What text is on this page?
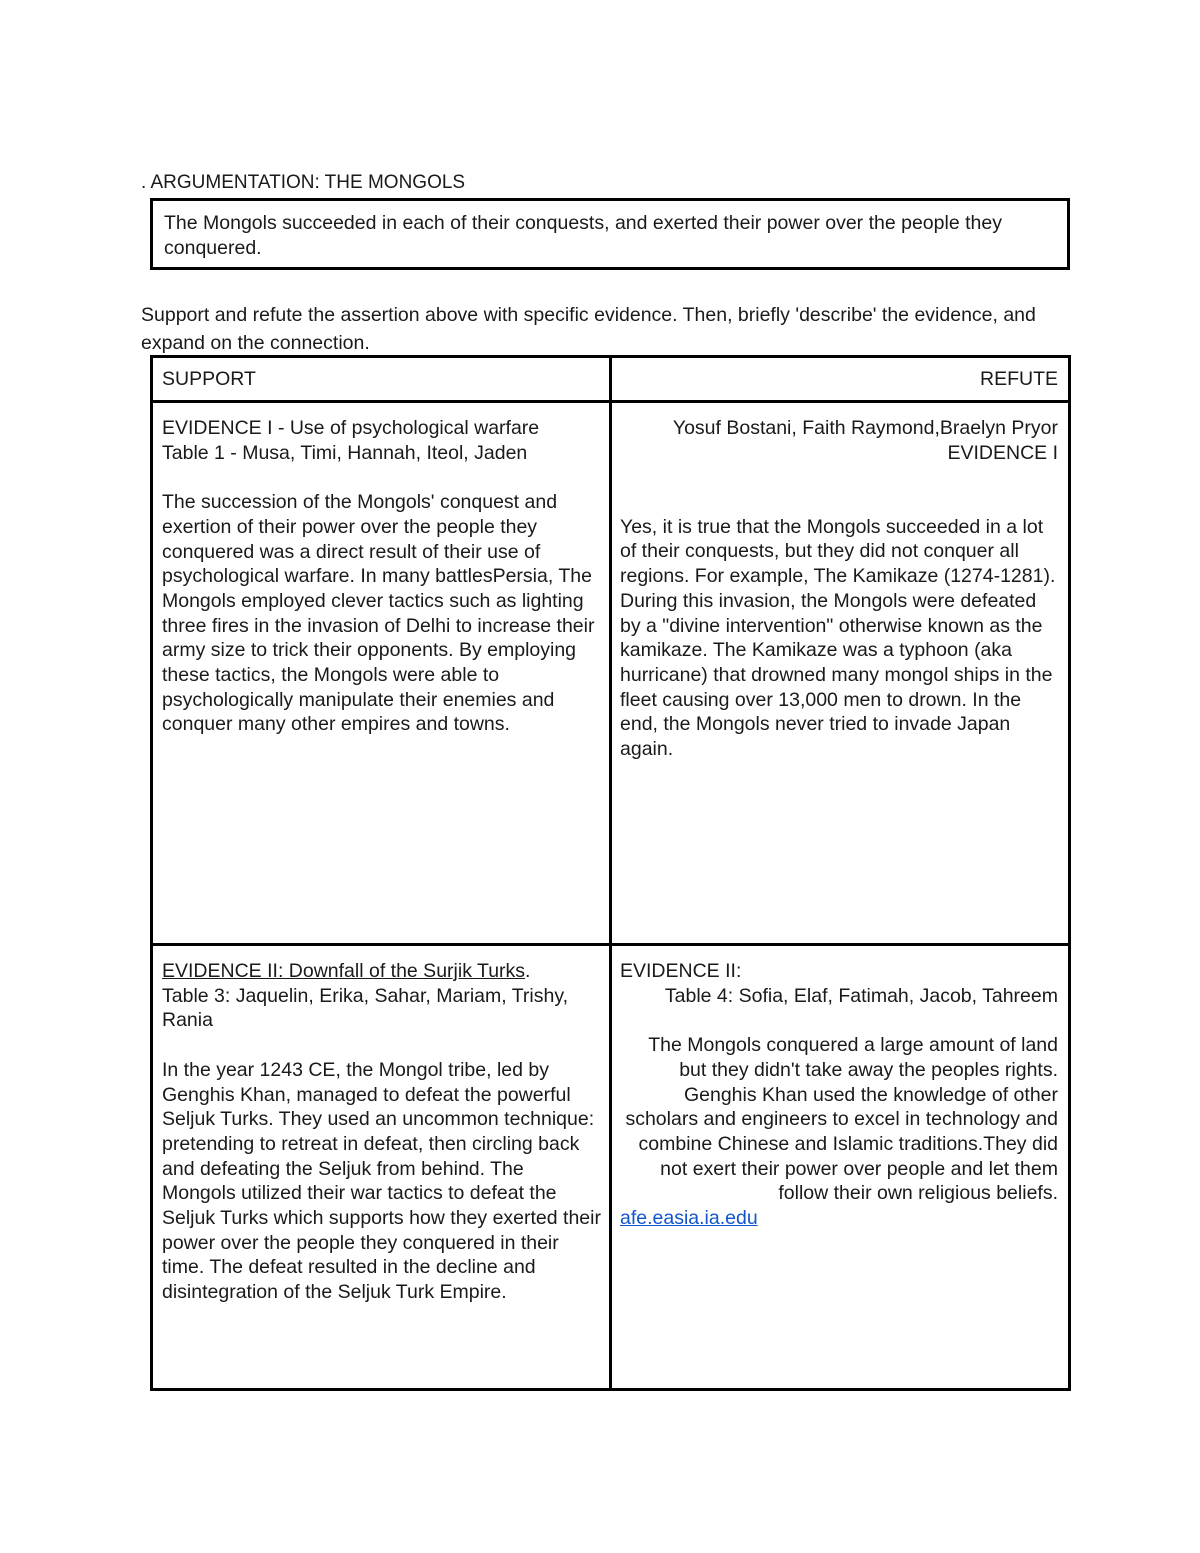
. ARGUMENTATION: THE MONGOLS
The Mongols succeeded in each of their conquests, and exerted their power over the people they conquered.
Support and refute the assertion above with specific evidence. Then, briefly 'describe' the evidence, and expand on the connection.

SUPPORT	REFUTE

EVIDENCE I - Use of psychological warfare

Table 1 - Musa, Timi, Hannah, Iteol, Jaden

The succession of the Mongols' conquest and exertion of their power over the people they conquered was a direct result of their use of psychological warfare. In many battlesPersia, The Mongols employed clever tactics such as lighting three fires in the invasion of Delhi to increase their army size to trick their opponents. By employing these tactics, the Mongols were able to psychologically manipulate their enemies and conquer many other empires and towns.

Yosuf Bostani, Faith Raymond,Braelyn Pryor

EVIDENCE I

Yes, it is true that the Mongols succeeded in a lot of their conquests, but they did not conquer all regions. For example, The Kamikaze (1274-1281). During this invasion, the Mongols were defeated by a "divine intervention" otherwise known as the kamikaze. The Kamikaze was a typhoon (aka hurricane) that drowned many mongol ships in the fleet causing over 13,000 men to drown. In the end, the Mongols never tried to invade Japan again.

EVIDENCE II: Downfall of the Surjik Turks.

Table 3: Jaquelin, Erika, Sahar, Mariam, Trishy, Rania

In the year 1243 CE, the Mongol tribe, led by Genghis Khan, managed to defeat the powerful Seljuk Turks. They used an uncommon technique: pretending to retreat in defeat, then circling back and defeating the Seljuk from behind. The Mongols utilized their war tactics to defeat the Seljuk Turks which supports how they exerted their power over the people they conquered in their time. The defeat resulted in the decline and disintegration of the Seljuk Turk Empire.

EVIDENCE II:

Table 4: Sofia, Elaf, Fatimah, Jacob, Tahreem

The Mongols conquered a large amount of land but they didn't take away the peoples rights.

Genghis Khan used the knowledge of other scholars and engineers to excel in technology and combine Chinese and Islamic traditions.They did not exert their power over people and let them follow their own religious beliefs.

afe.easia.ia.edu
